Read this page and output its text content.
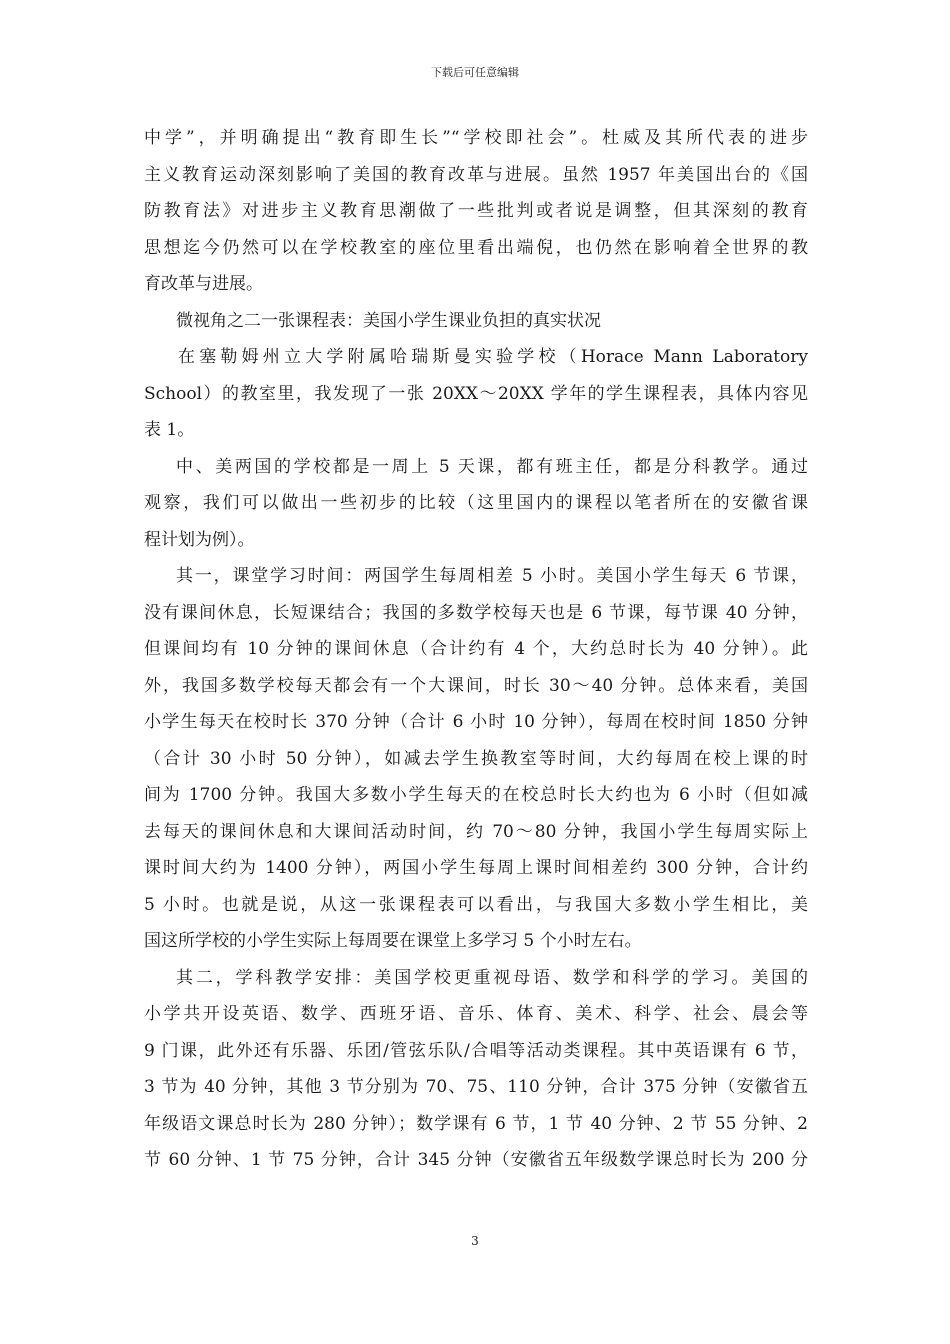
下载后可任意编辑
中学”，并明确提出“教育即生长”“学校即社会”。杜威及其所代表的进步
主义教育运动深刻影响了美国的教育改革与进展。虽然 1957 年美国出台的《国
防教育法》对进步主义教育思潮做了一些批判或者说是调整，但其深刻的教育
思想迄今仍然可以在学校教室的座位里看出端倪，也仍然在影响着全世界的教
育改革与进展。
微视角之二一张课程表：美国小学生课业负担的真实状况
在塞勒姆州立大学附属哈瑞斯曼实验学校（Horace Mann Laboratory
School）的教室里，我发现了一张 20XX～20XX 学年的学生课程表，具体内容见
表 1。
中、美两国的学校都是一周上 5 天课，都有班主任，都是分科教学。通过
观察，我们可以做出一些初步的比较（这里国内的课程以笔者所在的安徽省课
程计划为例）。
其一，课堂学习时间：两国学生每周相差 5 小时。美国小学生每天 6 节课，
没有课间休息，长短课结合；我国的多数学校每天也是 6 节课，每节课 40 分钟，
但课间均有 10 分钟的课间休息（合计约有 4 个，大约总时长为 40 分钟）。此
外，我国多数学校每天都会有一个大课间，时长 30～40 分钟。总体来看，美国
小学生每天在校时长 370 分钟（合计 6 小时 10 分钟），每周在校时间 1850 分钟
（合计 30 小时 50 分钟），如减去学生换教室等时间，大约每周在校上课的时
间为 1700 分钟。我国大多数小学生每天的在校总时长大约也为 6 小时（但如减
去每天的课间休息和大课间活动时间，约 70～80 分钟，我国小学生每周实际上
课时间大约为 1400 分钟），两国小学生每周上课时间相差约 300 分钟，合计约
5 小时。也就是说，从这一张课程表可以看出，与我国大多数小学生相比，美
国这所学校的小学生实际上每周要在课堂上多学习 5 个小时左右。
其二，学科教学安排：美国学校更重视母语、数学和科学的学习。美国的
小学共开设英语、数学、西班牙语、音乐、体育、美术、科学、社会、晨会等
9 门课，此外还有乐器、乐团/管弦乐队/合唱等活动类课程。其中英语课有 6 节，
3 节为 40 分钟，其他 3 节分别为 70、75、110 分钟，合计 375 分钟（安徽省五
年级语文课总时长为 280 分钟）；数学课有 6 节，1 节 40 分钟、2 节 55 分钟、2
节 60 分钟、1 节 75 分钟，合计 345 分钟（安徽省五年级数学课总时长为 200 分
3
